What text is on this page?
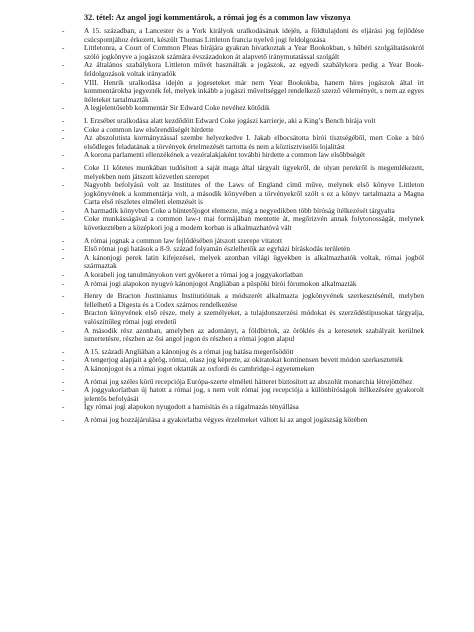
32. tétel: Az angol jogi kommentárok, a római jog és a common law viszonya
-	A 15. században, a Lancester és a York királyok uralkodásának idején, a földtulajdoni és eljárási jog fejlődése csúcspontjához érkezett, készült Thomas Littleton francia nyelvű jogi feldolgozása
-	Littletonra, a Court of Common Pleas bírájára gyakran hivatkoztak a Year Bookokban, s hűbéri szolgáltatásokról szóló jogkönyve a jogászok számára évszázadokon át alapvető iránymutatással szolgált
-	Az általános szabálykora Littleton művét használták a jogászok, az egyedi szabálykora pedig a Year Book-feldolgozások voltak irányadók
-	VIII. Henrik uralkodása idején a jogeseteket már nem Year Bookokba, hanem híres jogászok által írt kommentárokba jegyezték fel, melyek inkább a jogászi műveltséggel rendelkező szerző véleményét, s nem az egyes ítéleteket tartalmazták
-	A legjelentősebb kommentár Sir Edward Coke nevéhez kötődik
-	I. Erzsébet uralkodása alatt kezdődött Edward Coke jogászi karrierje, aki a King’s Bench bírája volt
-	Coke a common law elsőrendűségét hirdette
-	Az abszolutista kormányzással szembe helyezkedve I. Jakab elbocsátotta bírói tisztségéből, mert Coke a bíró elsődleges feladatának a törvények értelmezését tartotta és nem a köztisztviselői lojalitást
-	A korona parlamenti ellenzékének a vezéralakjaként további hirdette a common law elsőbbségét
-	Coke 11 kötetes munkában tudósított a saját maga által tárgyalt ügyekről, de olyan perekről is megemlékezett, melyekben nem játszott közvetlen szerepet
-	Nagyobb befolyású volt az Institutes of the Laws of England című műve, melynek első könyve Littleton jogkönyvének a kommentárja volt, a második könyvében a törvényekről szólt s ez a könyv tartalmazta a Magna Carta első részletes elméleti elemzését is
-	A harmadik könyvben Coke a büntetőjogot elemezte, míg a negyedikben több bíróság ítélkezését tárgyalta
-	Coke munkásságával a common law-t mai formájában mentette át, megőrizvén annak folytonosságát, melynek következtében a középkori jog a modern korban is alkalmazhatóvá vált
-	A római jognak a common law fejlődésében játszott szerepe vitatott
-	Első római jogi hatások a 8-9. század folyamán észlelhetők az egyházi bíráskodás területén
-	A kánonjogi perek latin kifejezései, melyek azonban világi ügyekben is alkalmazhatók voltak, római jogból származtak
-	A korabeli jog tanulmányokon vert gyökeret a római jog a joggyakorlatban
-	A római jogi alapokon nyugvó kánonjogot Angliában a püspöki bírói fórumokon alkalmazták
-	Henry de Bracton Justinianus Institutióinak a módszerét alkalmazta jogkönyvének szerkesztésénél, melyben fellelhető a Digesta és a Codex számos rendelkezése
-	Bracton könyvének első része, mely a személyeket, a tulajdonszerzési módokat és szerződéstípusokat tárgyalja, valószínűleg római jogi eredetű
-	A második rész azonban, amelyben az adományt, a földbirtok, az öröklés és a keresetek szabályait kerülnek ismertetésre, részben az ősi angol jogon és részben a római jogon alapul
-	A 15. századi Angliában a kánonjog és a római jog hatása megerősödött
-	A tengerjog alapjait a görög, római, olasz jog képezte, az okiratokat kontinensen bevett módon szerkesztették
-	A kánonjogot és a római jogot oktatták az oxfordi és cambridge-i egyetemeken
-	A római jog széles körű recepciója Európa-szerte elméleti hátteret biztosított az abszolút monarchia létrejöttéhez
-	A joggyakorlatban új hatott a római jog, s nem volt római jog recepciója a különbíróságok ítélkezésére gyakorolt jelentős befolyását
-	Így római jogi alapokon nyugodott a hamisítás és a rágalmazás tényállása
-	A római jog hozzájárulása a gyakorlatba végyes érzelmeket váltott ki az angol jogászság körében
